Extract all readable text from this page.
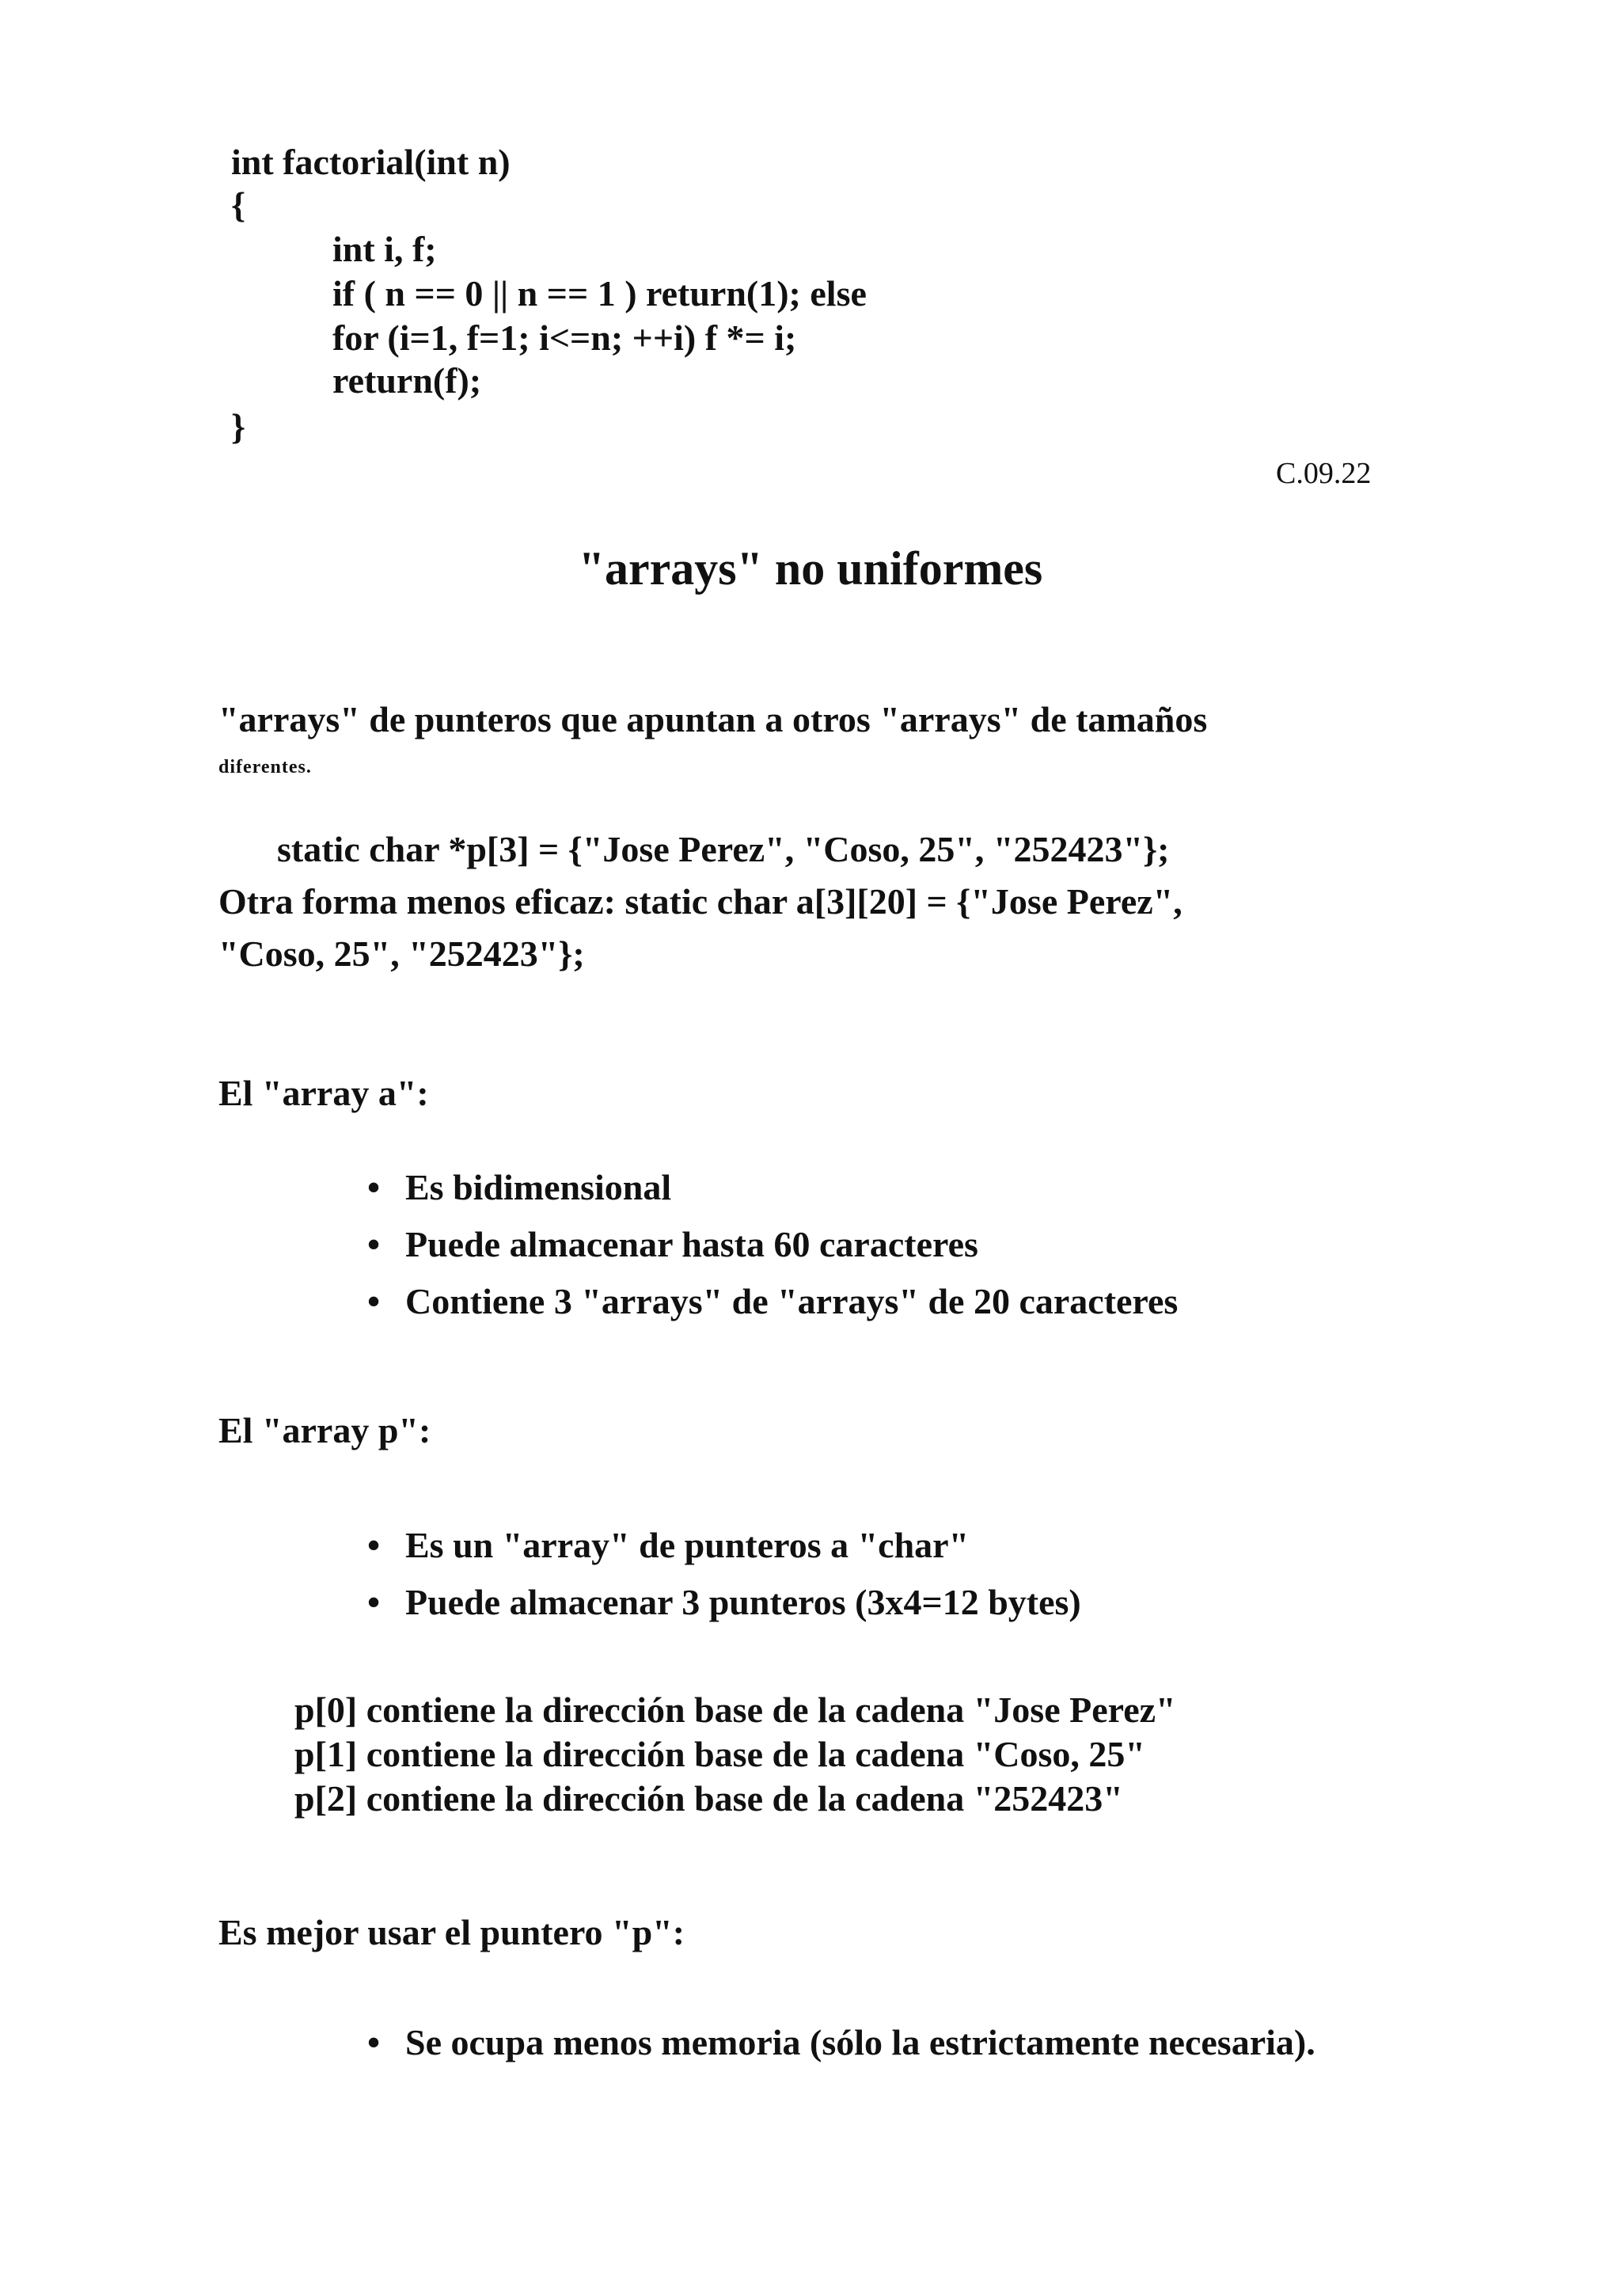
int factorial(int n)
{
int i, f;
if ( n == 0 || n == 1 ) return(1); else
for (i=1, f=1; i<=n; ++i) f *= i;
return(f);
}
C.09.22
"arrays" no uniformes
"arrays" de punteros que apuntan a otros "arrays" de tamaños
diferentes.
static char *p[3] = {"Jose Perez", "Coso, 25", "252423"};
Otra forma menos eficaz: static char a[3][20] = {"Jose Perez",
"Coso, 25", "252423"};
El "array a":
• Es bidimensional
• Puede almacenar hasta 60 caracteres
• Contiene 3 "arrays" de "arrays" de 20 caracteres
El "array p":
• Es un "array" de punteros a "char"
• Puede almacenar 3 punteros (3x4=12 bytes)
p[0] contiene la dirección base de la cadena "Jose Perez"
p[1] contiene la dirección base de la cadena "Coso, 25"
p[2] contiene la dirección base de la cadena "252423"
Es mejor usar el puntero "p":
• Se ocupa menos memoria (sólo la estrictamente necesaria).
